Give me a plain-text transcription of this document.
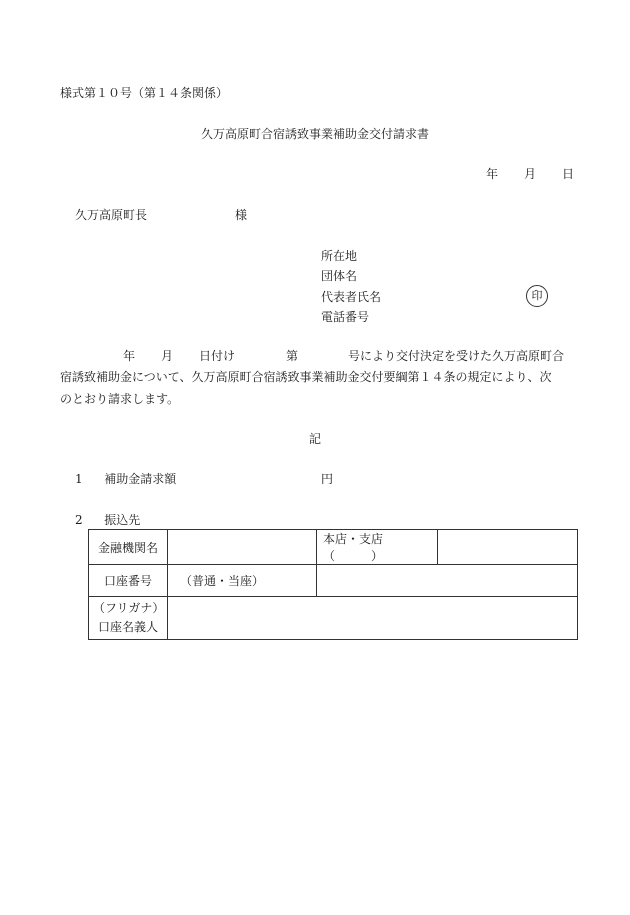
様式第１０号（第１４条関係）
久万高原町合宿誘致事業補助金交付請求書
年 月 日
久万高原町長	様
所在地
団体名
代表者氏名
電話番号
印
年 月 日付け	第	号により交付決定を受けた久万高原町合
宿誘致補助金について、久万高原町合宿誘致事業補助金交付要綱第１４条の規定により、次
のとおり請求します。
記
1 補助金請求額	円
2 振込先
金融機関名		本店・支店（　　　）	
口座番号	（普通・当座）		

（フリガナ）
口座名義人			
